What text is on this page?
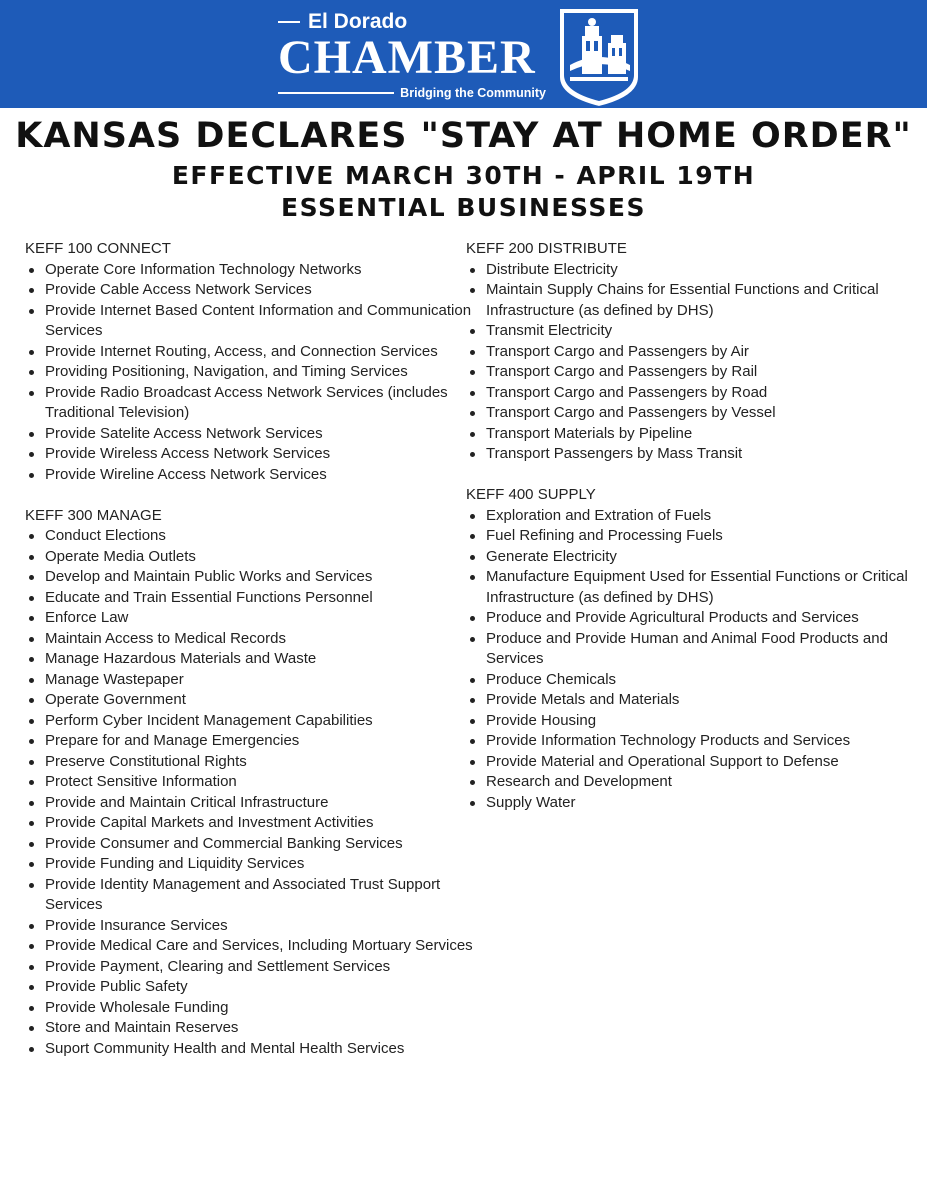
El Dorado
CHAMBER
Bridging the Community
KANSAS DECLARES "STAY AT HOME ORDER"
EFFECTIVE MARCH 30TH - APRIL 19TH
ESSENTIAL BUSINESSES

KEFF 100 CONNECT

Operate Core Information Technology Networks
Provide Cable Access Network Services
Provide Internet Based Content Information and Communication Services
Provide Internet Routing, Access, and Connection Services
Providing Positioning, Navigation, and Timing Services
Provide Radio Broadcast Access Network Services (includes Traditional Television)
Provide Satelite Access Network Services
Provide Wireless Access Network Services
Provide Wireline Access Network Services

KEFF 300 MANAGE

Conduct Elections
Operate Media Outlets
Develop and Maintain Public Works and Services
Educate and Train Essential Functions Personnel
Enforce Law
Maintain Access to Medical Records
Manage Hazardous Materials and Waste
Manage Wastepaper
Operate Government
Perform Cyber Incident Management Capabilities
Prepare for and Manage Emergencies
Preserve Constitutional Rights
Protect Sensitive Information
Provide and Maintain Critical Infrastructure
Provide Capital Markets and Investment Activities
Provide Consumer and Commercial Banking Services
Provide Funding and Liquidity Services
Provide Identity Management and Associated Trust Support Services
Provide Insurance Services
Provide Medical Care and Services, Including Mortuary Services
Provide Payment, Clearing and Settlement Services
Provide Public Safety
Provide Wholesale Funding
Store and Maintain Reserves
Suport Community Health and Mental Health Services

KEFF 200 DISTRIBUTE

Distribute Electricity
Maintain Supply Chains for Essential Functions and Critical Infrastructure (as defined by DHS)
Transmit Electricity
Transport Cargo and Passengers by Air
Transport Cargo and Passengers by Rail
Transport Cargo and Passengers by Road
Transport Cargo and Passengers by Vessel
Transport Materials by Pipeline
Transport Passengers by Mass Transit

KEFF 400 SUPPLY

Exploration and Extration of Fuels
Fuel Refining and Processing Fuels
Generate Electricity
Manufacture Equipment Used for Essential Functions or Critical Infrastructure (as defined by DHS)
Produce and Provide Agricultural Products and Services
Produce and Provide Human and Animal Food Products and Services
Produce Chemicals
Provide Metals and Materials
Provide Housing
Provide Information Technology Products and Services
Provide Material and Operational Support to Defense
Research and Development
Supply Water
